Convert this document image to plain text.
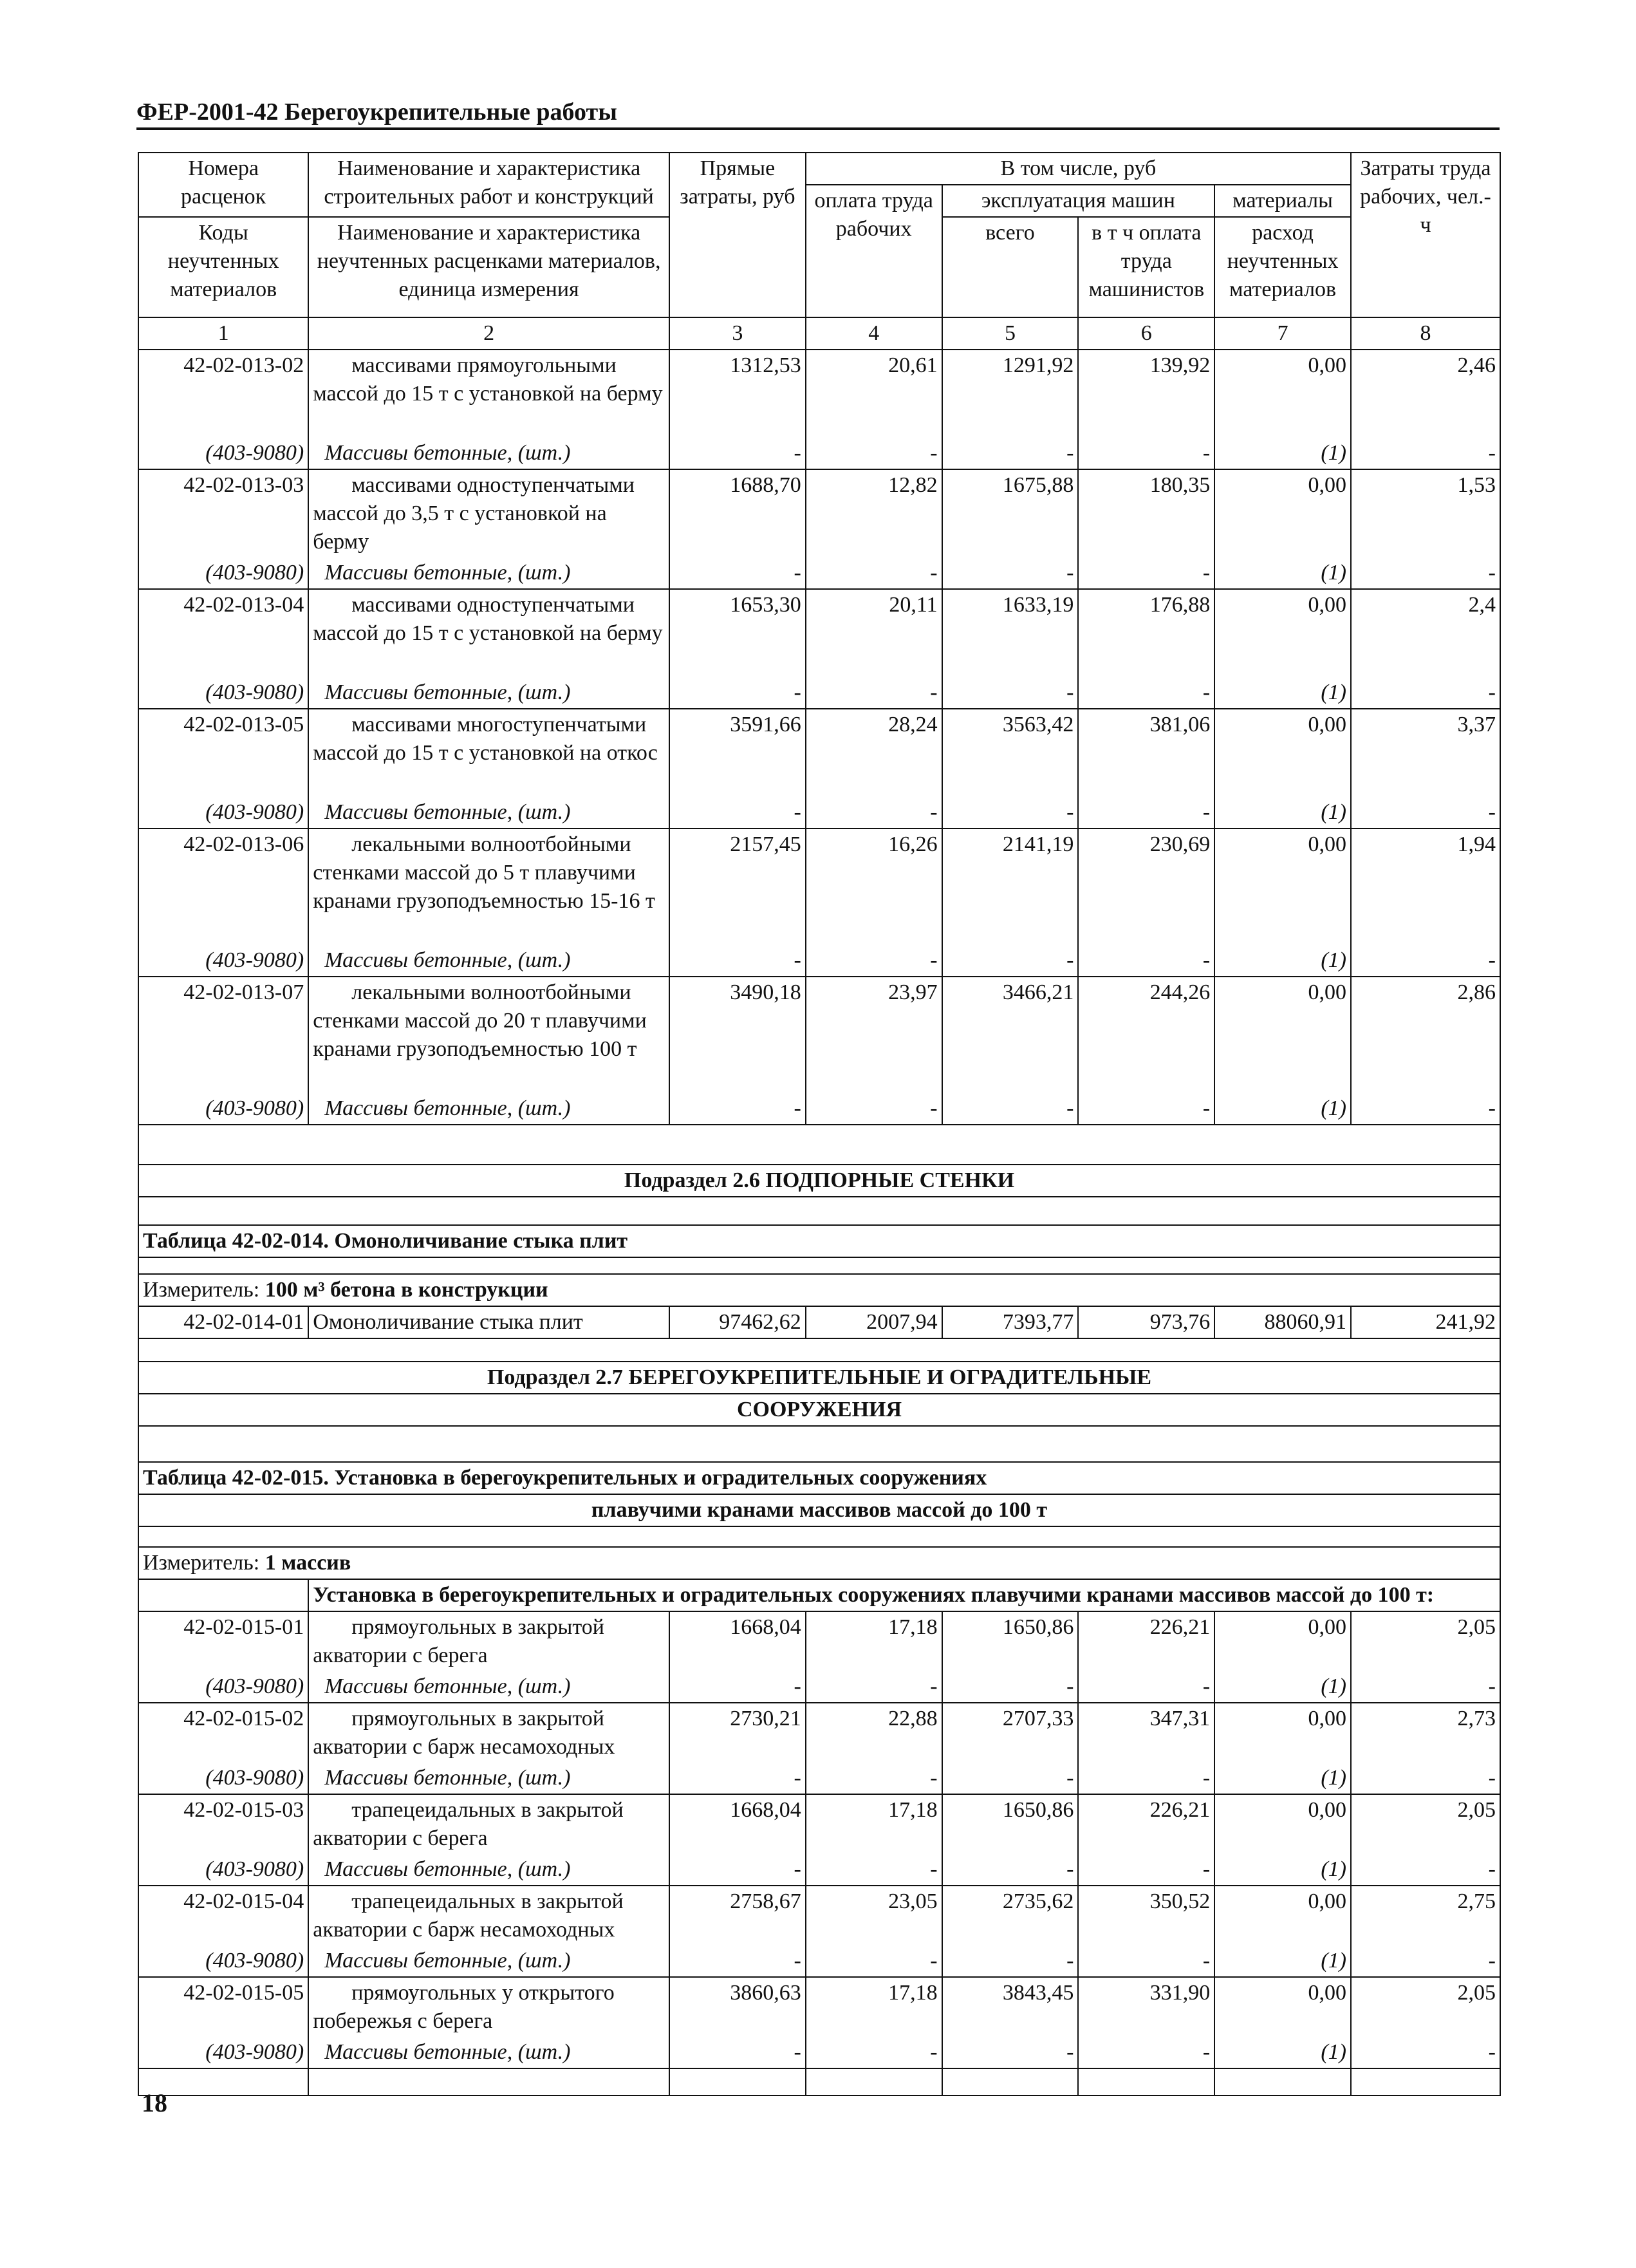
ФЕР-2001-42 Берегоукрепительные работы
Номера расценок	Наименование и характеристика строительных работ и конструкций	Прямые затраты, руб	В том числе, руб				Затраты труда рабочих, чел.-ч
			оплата труда рабочих	эксплуатация машин		материалы	
Коды неучтенных материалов	Наименование и характеристика неучтенных расценками материалов, единица измерения			всего	в т ч оплата труда машинистов	расход неучтенных материалов	

1	2	3	4	5	6	7	8
42-02-013-02	массивами прямоугольными массой до 15 т с установкой на берму	1312,53	20,61	1291,92	139,92	0,00	2,46
(403-9080)	Массивы бетонные, (шт.)	-	-	-	-	(1)	-
42-02-013-03	массивами одноступенчатыми массой до 3,5 т с установкой на берму	1688,70	12,82	1675,88	180,35	0,00	1,53
(403-9080)	Массивы бетонные, (шт.)	-	-	-	-	(1)	-
42-02-013-04	массивами одноступенчатыми массой до 15 т с установкой на берму	1653,30	20,11	1633,19	176,88	0,00	2,4
(403-9080)	Массивы бетонные, (шт.)	-	-	-	-	(1)	-
42-02-013-05	массивами многоступенчатыми массой до 15 т с установкой на откос	3591,66	28,24	3563,42	381,06	0,00	3,37
(403-9080)	Массивы бетонные, (шт.)	-	-	-	-	(1)	-
42-02-013-06	лекальными волноотбойными стенками массой до 5 т плавучими кранами грузоподъемностью 15-16 т	2157,45	16,26	2141,19	230,69	0,00	1,94
(403-9080)	Массивы бетонные, (шт.)	-	-	-	-	(1)	-
42-02-013-07	лекальными волноотбойными стенками массой до 20 т плавучими кранами грузоподъемностью 100 т	3490,18	23,97	3466,21	244,26	0,00	2,86
(403-9080)	Массивы бетонные, (шт.)	-	-	-	-	(1)	-

Подраздел 2.6 ПОДПОРНЫЕ СТЕНКИ							

Таблица 42-02-014. Омоноличивание стыка плит							

Измеритель: 100 м³ бетона в конструкции							
42-02-014-01	Омоноличивание стыка плит	97462,62	2007,94	7393,77	973,76	88060,91	241,92

Подраздел 2.7 БЕРЕГОУКРЕПИТЕЛЬНЫЕ И ОГРАДИТЕЛЬНЫЕ							
СООРУЖЕНИЯ							

Таблица 42-02-015. Установка в берегоукрепительных и оградительных сооружениях							
плавучими кранами массивов массой до 100 т							

Измеритель: 1 массив							
	Установка в берегоукрепительных и оградительных сооружениях плавучими кранами массивов массой до 100 т:						
42-02-015-01	прямоугольных в закрытой акватории с берега	1668,04	17,18	1650,86	226,21	0,00	2,05
(403-9080)	Массивы бетонные, (шт.)	-	-	-	-	(1)	-
42-02-015-02	прямоугольных в закрытой акватории с барж несамоходных	2730,21	22,88	2707,33	347,31	0,00	2,73
(403-9080)	Массивы бетонные, (шт.)	-	-	-	-	(1)	-
42-02-015-03	трапецеидальных в закрытой акватории с берега	1668,04	17,18	1650,86	226,21	0,00	2,05
(403-9080)	Массивы бетонные, (шт.)	-	-	-	-	(1)	-
42-02-015-04	трапецеидальных в закрытой акватории с барж несамоходных	2758,67	23,05	2735,62	350,52	0,00	2,75
(403-9080)	Массивы бетонные, (шт.)	-	-	-	-	(1)	-
42-02-015-05	прямоугольных у открытого побережья с берега	3860,63	17,18	3843,45	331,90	0,00	2,05
(403-9080)	Массивы бетонные, (шт.)	-	-	-	-	(1)	-

18
